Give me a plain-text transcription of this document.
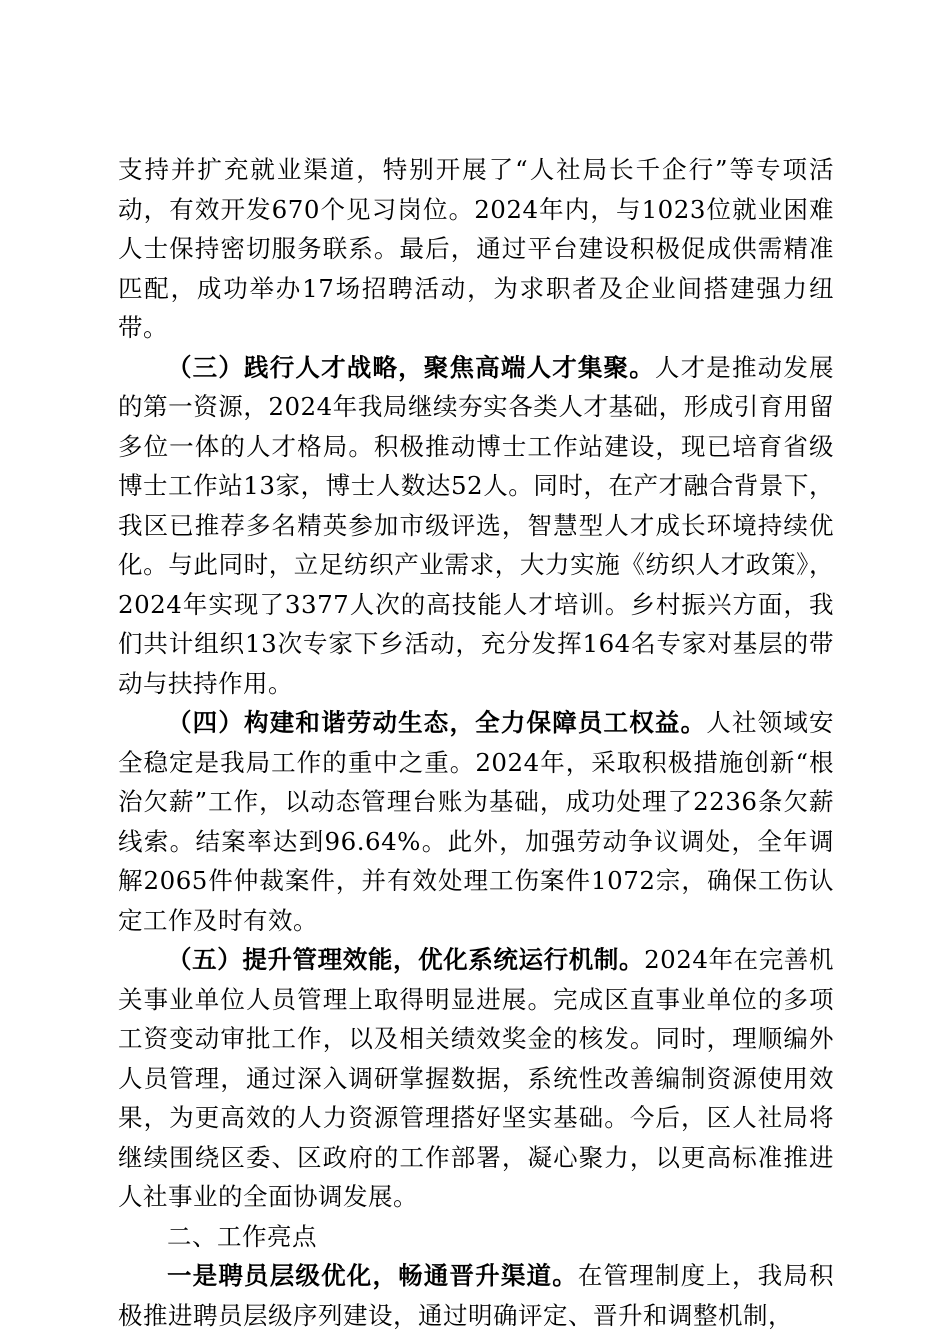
支持并扩充就业渠道，特别开展了“人社局长千企行”等专项活动，有效开发670个见习岗位。2024年内，与1023位就业困难人士保持密切服务联系。最后，通过平台建设积极促成供需精准匹配，成功举办17场招聘活动，为求职者及企业间搭建强力纽带。

（三）践行人才战略，聚焦高端人才集聚。人才是推动发展的第一资源，2024年我局继续夯实各类人才基础，形成引育用留多位一体的人才格局。积极推动博士工作站建设，现已培育省级博士工作站13家，博士人数达52人。同时，在产才融合背景下，我区已推荐多名精英参加市级评选，智慧型人才成长环境持续优化。与此同时，立足纺织产业需求，大力实施《纺织人才政策》，2024年实现了3377人次的高技能人才培训。乡村振兴方面，我们共计组织13次专家下乡活动，充分发挥164名专家对基层的带动与扶持作用。

（四）构建和谐劳动生态，全力保障员工权益。人社领域安全稳定是我局工作的重中之重。2024年，采取积极措施创新“根治欠薪”工作，以动态管理台账为基础，成功处理了2236条欠薪线索。结案率达到96.64%。此外，加强劳动争议调处，全年调解2065件仲裁案件，并有效处理工伤案件1072宗，确保工伤认定工作及时有效。

（五）提升管理效能，优化系统运行机制。2024年在完善机关事业单位人员管理上取得明显进展。完成区直事业单位的多项工资变动审批工作，以及相关绩效奖金的核发。同时，理顺编外人员管理，通过深入调研掌握数据，系统性改善编制资源使用效果，为更高效的人力资源管理搭好坚实基础。今后，区人社局将继续围绕区委、区政府的工作部署，凝心聚力，以更高标准推进人社事业的全面协调发展。

二、工作亮点

一是聘员层级优化，畅通晋升渠道。在管理制度上，我局积极推进聘员层级序列建设，通过明确评定、晋升和调整机制，
